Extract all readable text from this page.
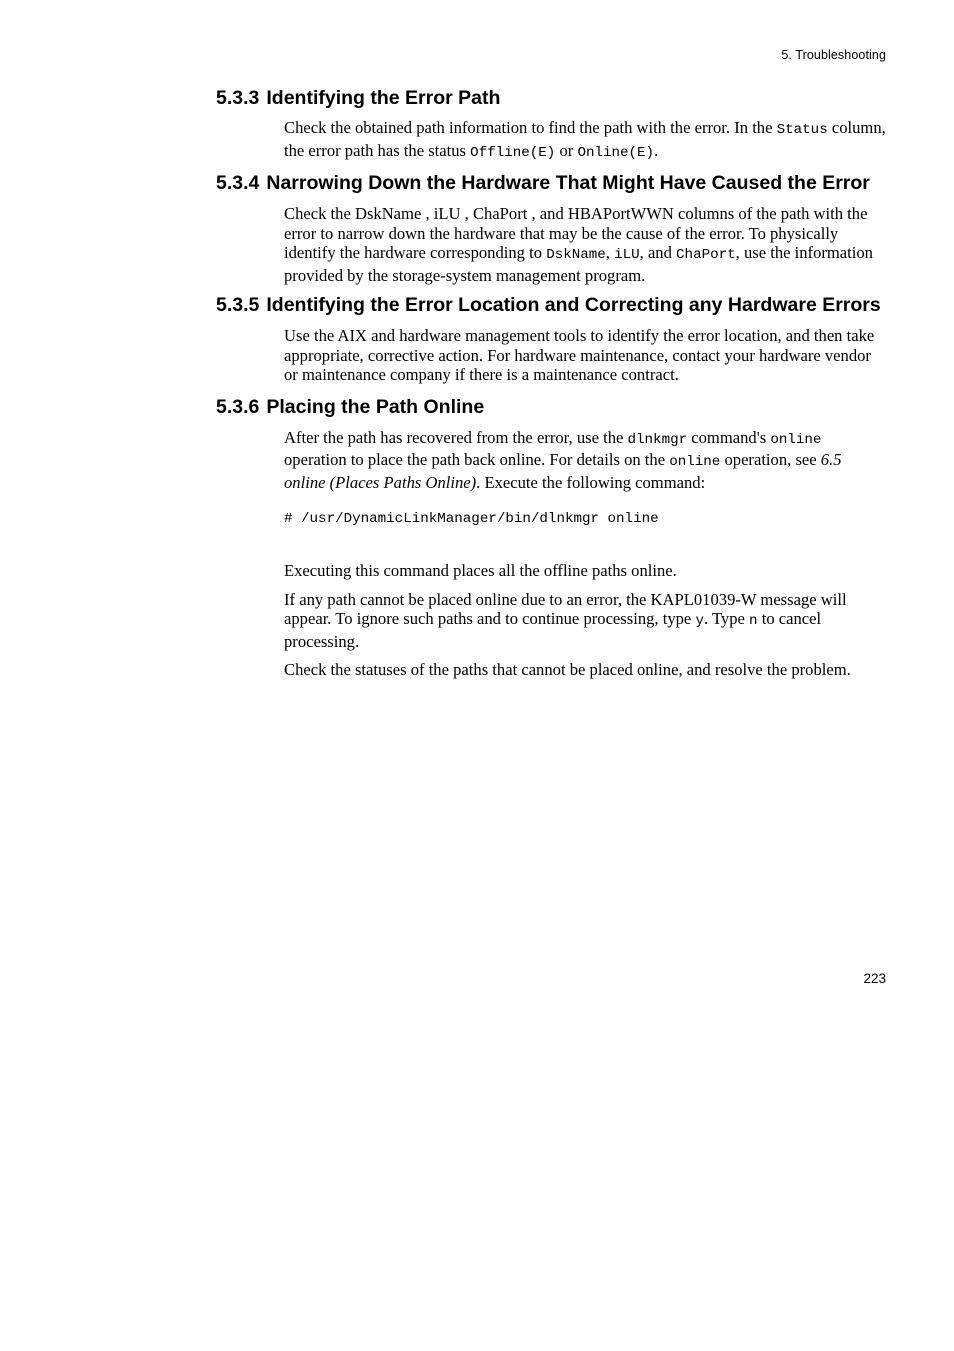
5. Troubleshooting
5.3.3 Identifying the Error Path

Check the obtained path information to find the path with the error. In the Status column, the error path has the status Offline(E) or Online(E).

5.3.4 Narrowing Down the Hardware That Might Have Caused the Error

Check the DskName , iLU , ChaPort , and HBAPortWWN columns of the path with the error to narrow down the hardware that may be the cause of the error. To physically identify the hardware corresponding to DskName, iLU, and ChaPort, use the information provided by the storage-system management program.

5.3.5 Identifying the Error Location and Correcting any Hardware Errors

Use the AIX and hardware management tools to identify the error location, and then take appropriate, corrective action. For hardware maintenance, contact your hardware vendor or maintenance company if there is a maintenance contract.

5.3.6 Placing the Path Online

After the path has recovered from the error, use the dlnkmgr command's online operation to place the path back online. For details on the online operation, see 6.5 online (Places Paths Online). Execute the following command:

# /usr/DynamicLinkManager/bin/dlnkmgr online

Executing this command places all the offline paths online.

If any path cannot be placed online due to an error, the KAPL01039-W message will appear. To ignore such paths and to continue processing, type y. Type n to cancel processing.

Check the statuses of the paths that cannot be placed online, and resolve the problem.

223
